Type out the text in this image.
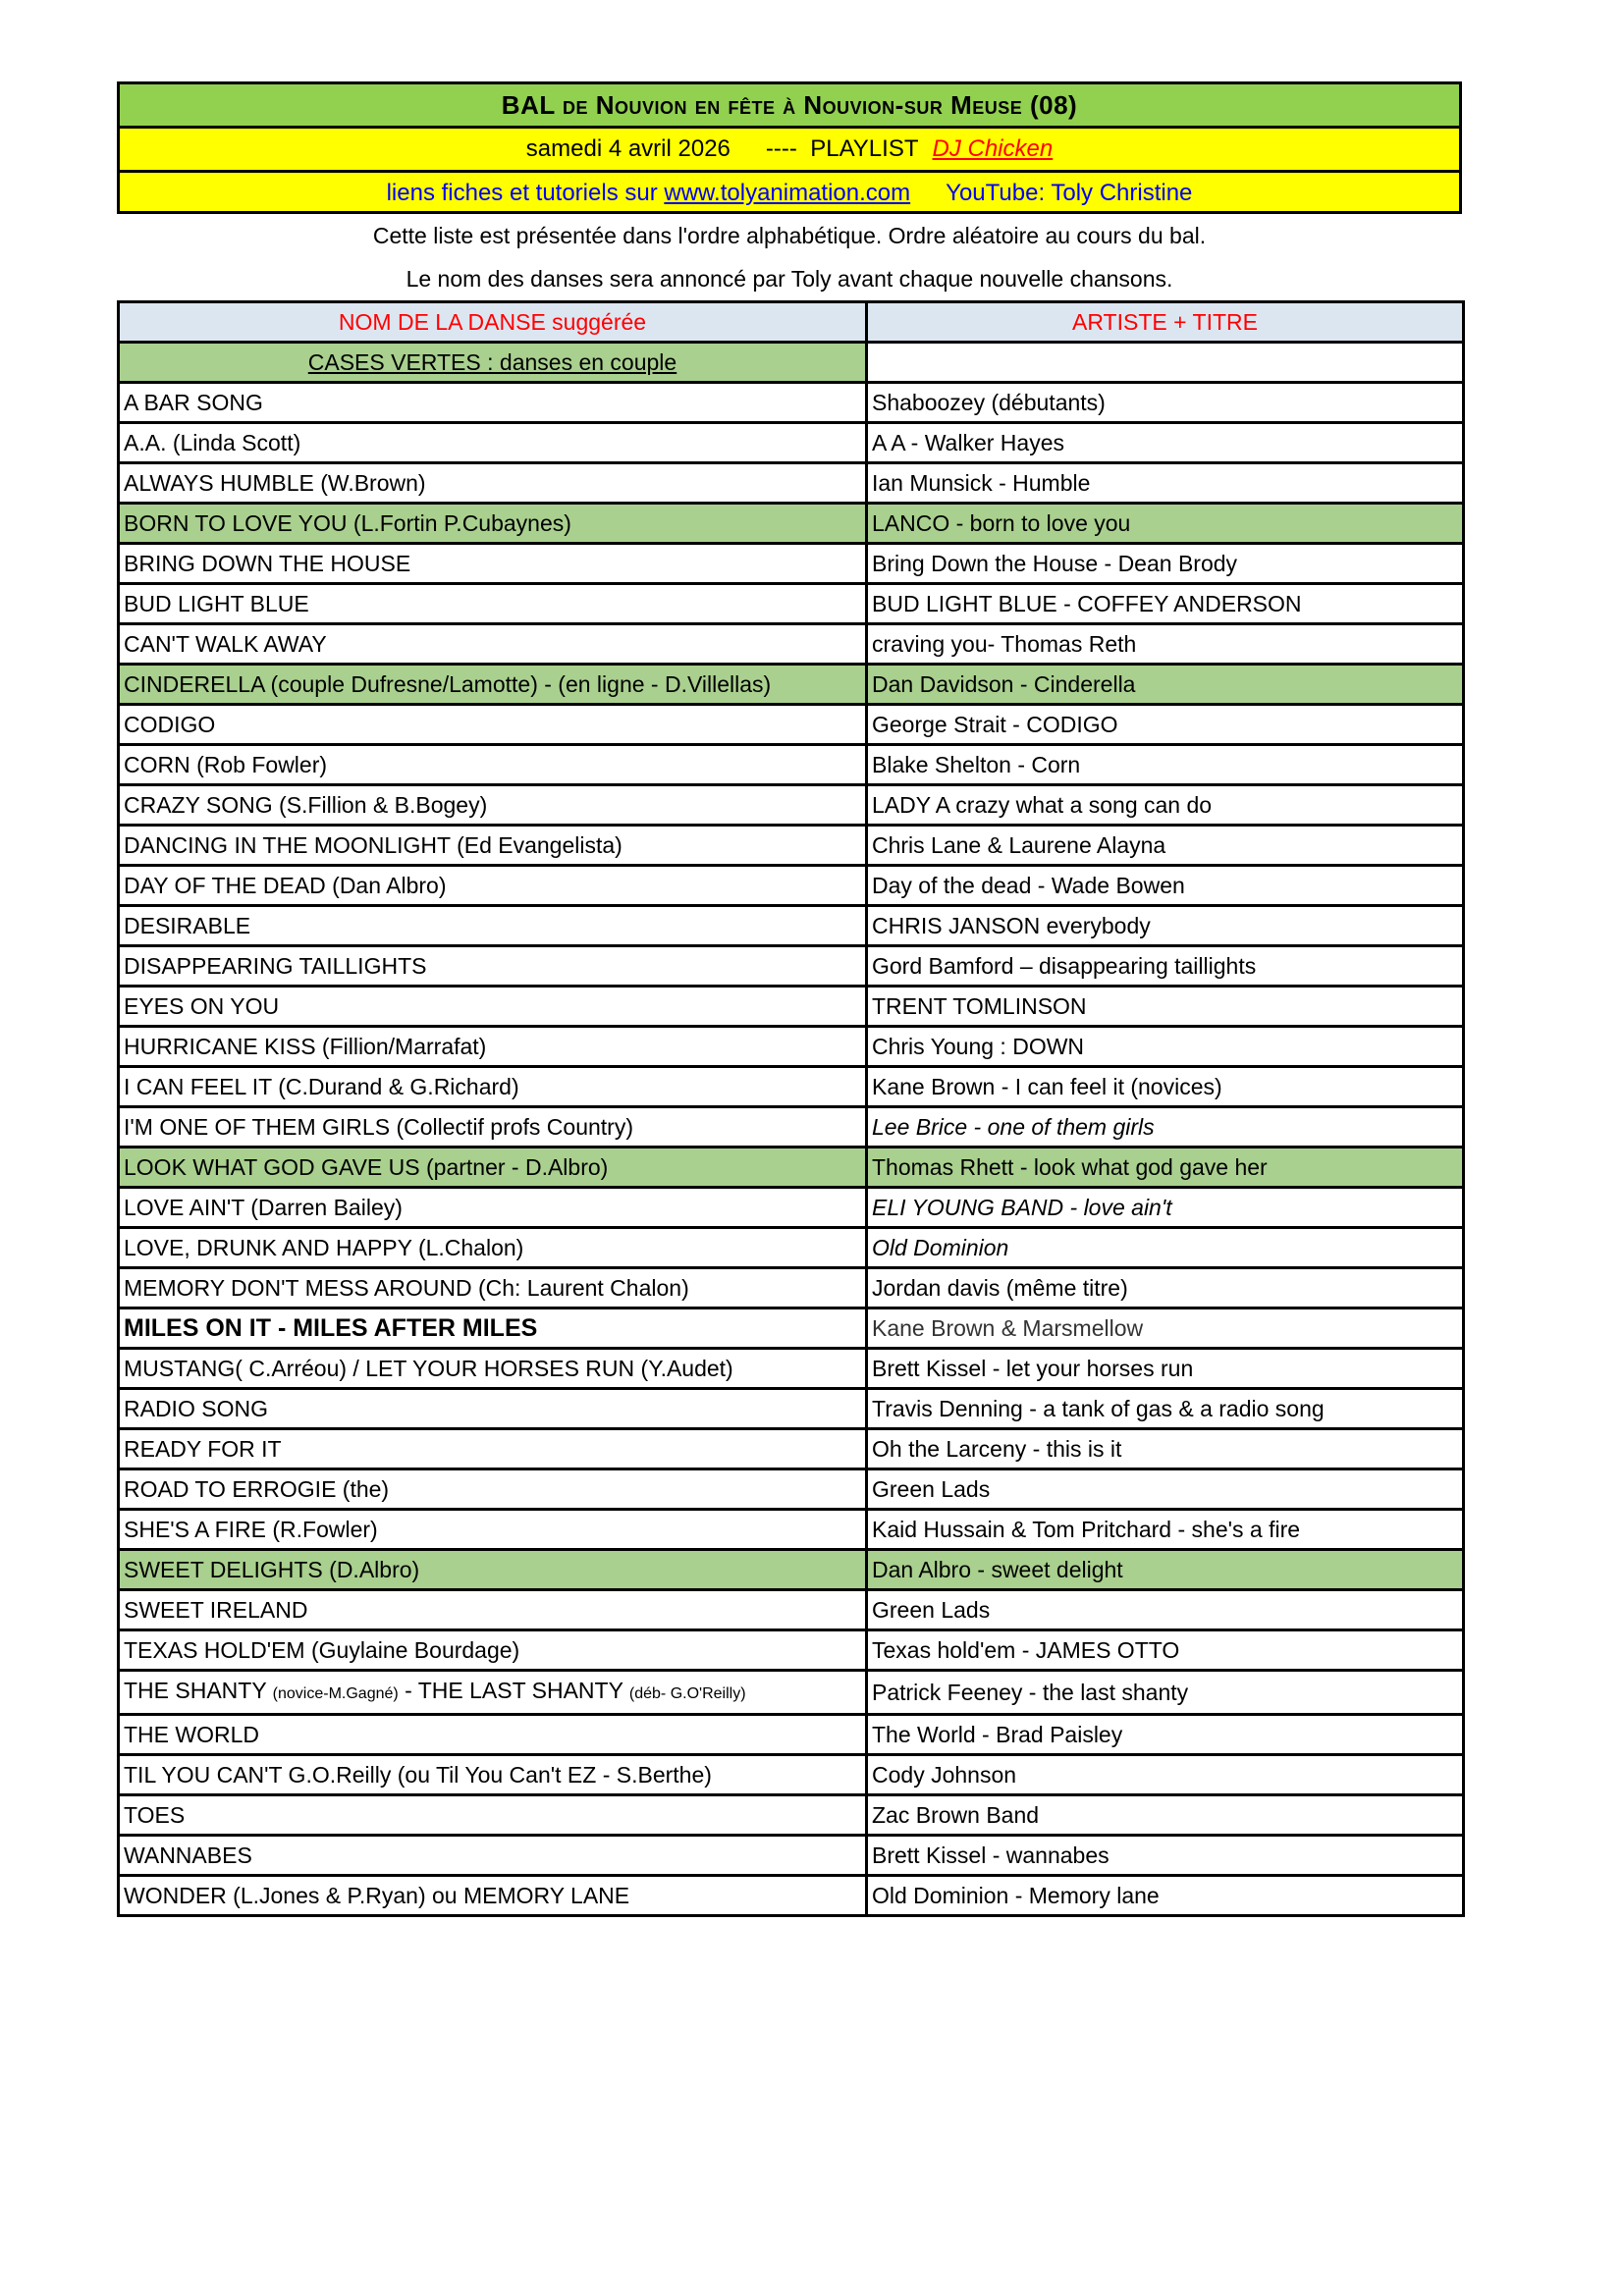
BAL de Nouvion en fête à Nouvion-sur Meuse (08)
samedi 4 avril 2026 ---- PLAYLIST DJ Chicken
liens fiches et tutoriels sur www.tolyanimation.com YouTube: Toly Christine
Cette liste est présentée dans l'ordre alphabétique. Ordre aléatoire au cours du bal.
Le nom des danses sera annoncé par Toly avant chaque nouvelle chansons.
NOM DE LA DANSE suggérée	ARTISTE + TITRE
CASES VERTES : danses en couple	
A BAR SONG	Shaboozey (débutants)
A.A. (Linda Scott)	A A - Walker Hayes
ALWAYS HUMBLE (W.Brown)	Ian Munsick - Humble
BORN TO LOVE YOU (L.Fortin P.Cubaynes)	LANCO - born to love you
BRING DOWN THE HOUSE	Bring Down the House - Dean Brody
BUD LIGHT BLUE	BUD LIGHT BLUE - COFFEY ANDERSON
CAN'T WALK AWAY	craving you- Thomas Reth
CINDERELLA (couple Dufresne/Lamotte) - (en ligne - D.Villellas)	Dan Davidson - Cinderella
CODIGO	George Strait - CODIGO
CORN (Rob Fowler)	Blake Shelton - Corn
CRAZY SONG (S.Fillion & B.Bogey)	LADY A crazy what a song can do
DANCING IN THE MOONLIGHT (Ed Evangelista)	Chris Lane & Laurene Alayna
DAY OF THE DEAD (Dan Albro)	Day of the dead - Wade Bowen
DESIRABLE	CHRIS JANSON everybody
DISAPPEARING TAILLIGHTS	Gord Bamford – disappearing taillights
EYES ON YOU	TRENT TOMLINSON
HURRICANE KISS (Fillion/Marrafat)	Chris Young : DOWN
I CAN FEEL IT (C.Durand & G.Richard)	Kane Brown - I can feel it (novices)
I'M ONE OF THEM GIRLS (Collectif profs Country)	Lee Brice - one of them girls
LOOK WHAT GOD GAVE US (partner - D.Albro)	Thomas Rhett - look what god gave her
LOVE AIN'T (Darren Bailey)	ELI YOUNG BAND - love ain't
LOVE, DRUNK AND HAPPY (L.Chalon)	Old Dominion
MEMORY DON'T MESS AROUND (Ch: Laurent Chalon)	Jordan davis (même titre)
MILES ON IT - MILES AFTER MILES	Kane Brown & Marsmellow
MUSTANG( C.Arréou) / LET YOUR HORSES RUN (Y.Audet)	Brett Kissel - let your horses run
RADIO SONG	Travis Denning - a tank of gas & a radio song
READY FOR IT	Oh the Larceny - this is it
ROAD TO ERROGIE (the)	Green Lads
SHE'S A FIRE (R.Fowler)	Kaid Hussain & Tom Pritchard - she's a fire
SWEET DELIGHTS (D.Albro)	Dan Albro - sweet delight
SWEET IRELAND	Green Lads
TEXAS HOLD'EM (Guylaine Bourdage)	Texas hold'em - JAMES OTTO
THE SHANTY (novice-M.Gagné) - THE LAST SHANTY (déb- G.O'Reilly)	Patrick Feeney - the last shanty
THE WORLD	The World - Brad Paisley
TIL YOU CAN'T G.O.Reilly (ou Til You Can't EZ - S.Berthe)	Cody Johnson
TOES	Zac Brown Band
WANNABES	Brett Kissel - wannabes
WONDER (L.Jones & P.Ryan) ou MEMORY LANE	Old Dominion - Memory lane
